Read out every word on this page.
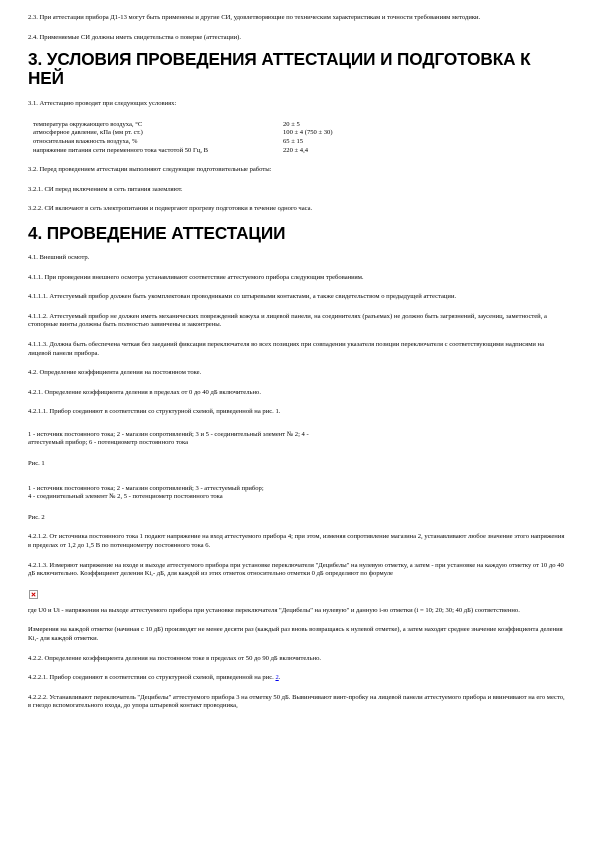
2.3. При аттестации прибора Д1-13 могут быть применены и другие СИ, удовлетворяющие по техническим характеристикам и точности требованиям методики.

2.4. Применяемые СИ должны иметь свидетельства о поверке (аттестации).

3. УСЛОВИЯ ПРОВЕДЕНИЯ АТТЕСТАЦИИ И ПОДГОТОВКА К НЕЙ

3.1. Аттестацию проводят при следующих условиях:

температура окружающего воздуха, °С	20 ± 5
атмосферное давление, кПа (мм рт. ст.)	100 ± 4 (750 ± 30)
относительная влажность воздуха, %	65 ± 15
напряжение питания сети переменного тока частотой 50 Гц, В	220 ± 4,4

3.2. Перед проведением аттестации выполняют следующие подготовительные работы:

3.2.1. СИ перед включением в сеть питания заземляют.

3.2.2. СИ включают в сеть электропитания и подвергают прогреву подготовки в течение одного часа.

4. ПРОВЕДЕНИЕ АТТЕСТАЦИИ

4.1. Внешний осмотр.

4.1.1. При проведении внешнего осмотра устанавливают соответствие аттестуемого прибора следующим требованиям.

4.1.1.1. Аттестуемый прибор должен быть укомплектован проводниками со штыревыми контактами, а также свидетельством о предыдущей аттестации.

4.1.1.2. Аттестуемый прибор не должен иметь механических повреждений кожуха и лицевой панели, на соединителях (разъемах) не должно быть загрязнений, заусениц, заметностей, а стопорные винты должны быть полностью завинчены и законтрены.

4.1.1.3. Должна быть обеспечена четкая без заеданий фиксация переключателя во всех позициях при совпадении указателя позиции переключателя с соответствующими надписями на лицевой панели прибора.

4.2. Определение коэффициента деления на постоянном токе.

4.2.1. Определение коэффициента деления в пределах от 0 до 40 дБ включительно.

4.2.1.1. Прибор соединяют в соответствии со структурной схемой, приведенной на рис. 1.

1 - источник постоянного тока; 2 - магазин сопротивлений; 3 и 5 - соединительный элемент № 2; 4 - аттестуемый прибор; 6 - потенциометр постоянного тока

Рис. 1

1 - источник постоянного тока; 2 - магазин сопротивлений; 3 - аттестуемый прибор;

4 - соединительный элемент № 2, 5 - потенциометр постоянного тока

Рис. 2

4.2.1.2. От источника постоянного тока 1 подают напряжение на вход аттестуемого прибора 4; при этом, изменяя сопротивление магазина 2, устанавливают любое значение этого напряжения в пределах от 1,2 до 1,5 В по потенциометру постоянного тока 6.

4.2.1.3. Измеряют напряжение на входе и выходе аттестуемого прибора при установке переключателя "Децибелы" на нулевую отметку, а затем - при установке на каждую отметку от 10 до 40 дБ включительно. Коэффициент деления Ki,- дБ, для каждой из этих отметок относительно отметки 0 дБ определяют по формуле

где U0 и Ui - напряжения на выходе аттестуемого прибора при установке переключателя "Децибелы" на нулевую" и данную i-ю отметки (i = 10; 20; 30; 40 дБ) соответственно.

Измерения на каждой отметке (начиная с 10 дБ) производят не менее десяти раз (каждый раз вновь возвращаясь к нулевой отметке), а затем находят среднее значение коэффициента деления Ki,- для каждой отметки.

4.2.2. Определение коэффициента деления на постоянном токе в пределах от 50 до 90 дБ включительно.

4.2.2.1. Прибор соединяют в соответствии со структурной схемой, приведенной на рис. 2.

4.2.2.2. Устанавливают переключатель "Децибелы" аттестуемого прибора 3 на отметку 50 дБ. Вывинчивают винт-пробку на лицевой панели аттестуемого прибора и ввинчивают на его место, в гнездо вспомогательного входа, до упора штыревой контакт проводника,
